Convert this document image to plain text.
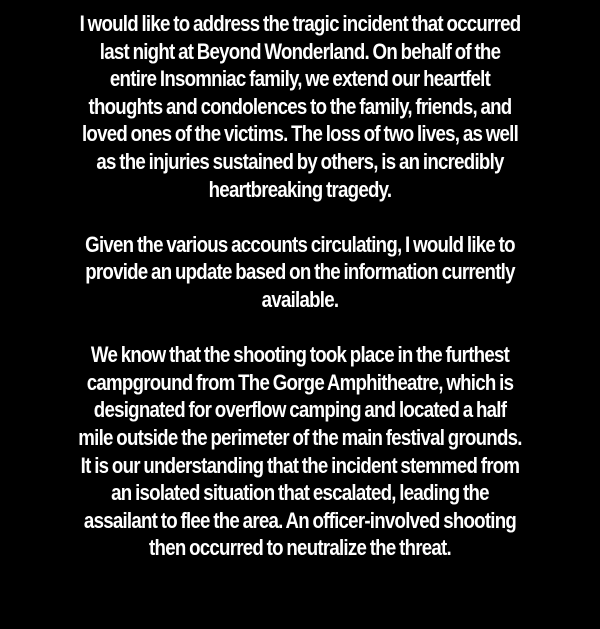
I would like to address the tragic incident that occurred
last night at Beyond Wonderland. On behalf of the
entire Insomniac family, we extend our heartfelt
thoughts and condolences to the family, friends, and
loved ones of the victims. The loss of two lives, as well
as the injuries sustained by others, is an incredibly
heartbreaking tragedy.

Given the various accounts circulating, I would like to
provide an update based on the information currently
available.

We know that the shooting took place in the furthest
campground from The Gorge Amphitheatre, which is
designated for overflow camping and located a half
mile outside the perimeter of the main festival grounds.
It is our understanding that the incident stemmed from
an isolated situation that escalated, leading the
assailant to flee the area. An officer-involved shooting
then occurred to neutralize the threat.
